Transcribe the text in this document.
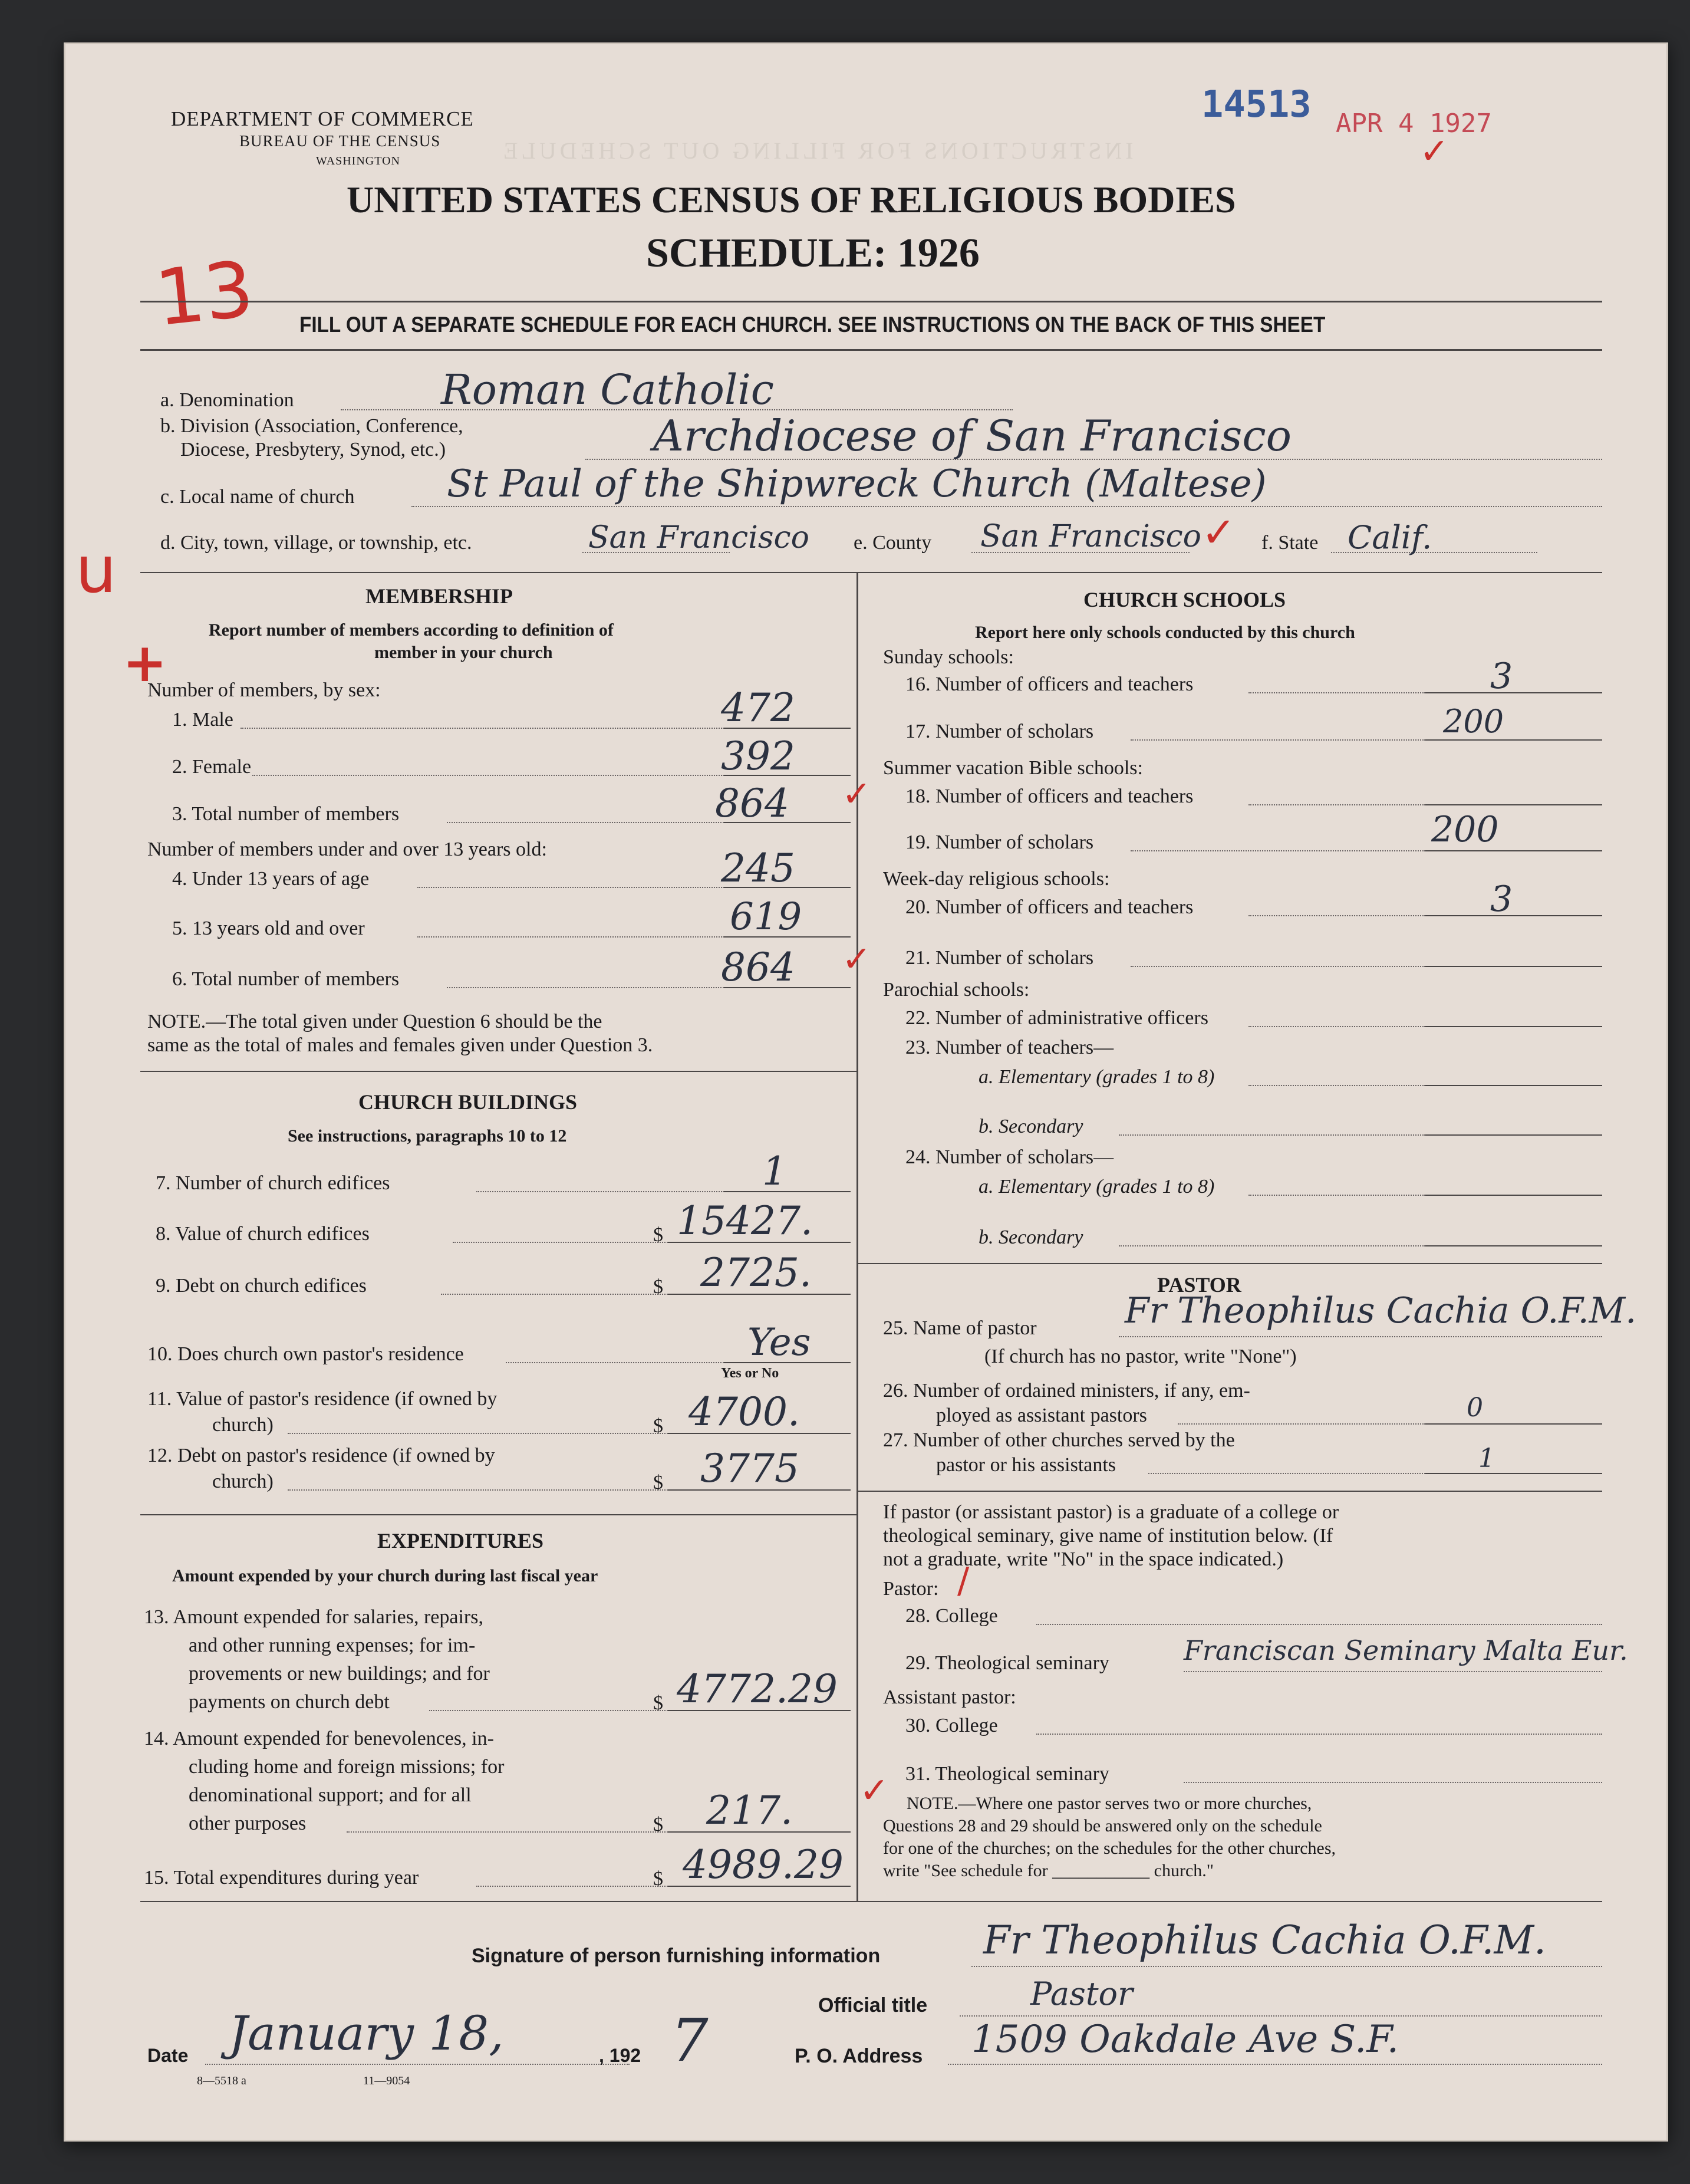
INSTRUCTIONS FOR FILLING OUT SCHEDULE
DEPARTMENT OF COMMERCE
BUREAU OF THE CENSUS
WASHINGTON
UNITED STATES CENSUS OF RELIGIOUS BODIES
SCHEDULE: 1926
14513 APR 4 1927
13
u
+
✓
FILL OUT A SEPARATE SCHEDULE FOR EACH CHURCH. SEE INSTRUCTIONS ON THE BACK OF THIS SHEET
a. Denomination	Roman Catholic
b. Division (Association, Conference,
Diocese, Presbytery, Synod, etc.)	Archdiocese of San Francisco
c. Local name of church St Paul of the Shipwreck Church (Maltese)
d. City, town, village, or township, etc.	San Francisco e. County San Francisco ✓ f. State Calif.
MEMBERSHIP
Report number of members according to definition of
member in your church
Number of members, by sex:
1. Male	472
2. Female	392
3. Total number of members	864 ✓
Number of members under and over 13 years old:
4. Under 13 years of age	245
5. 13 years old and over	619
6. Total number of members	864 ✓
NOTE.—The total given under Question 6 should be the
same as the total of males and females given under Question 3.
CHURCH BUILDINGS
See instructions, paragraphs 10 to 12
7. Number of church edifices	1
8. Value of church edifices	$ 15427.
9. Debt on church edifices	$ 2725.
10. Does church own pastor's residence	Yes
Yes or No
11. Value of pastor's residence (if owned by
church)	$ 4700.
12. Debt on pastor's residence (if owned by
church)	$ 3775
EXPENDITURES
Amount expended by your church during last fiscal year
13. Amount expended for salaries, repairs,
and other running expenses; for im-
provements or new buildings; and for
payments on church debt	$ 4772.29
14. Amount expended for benevolences, in-
cluding home and foreign missions; for
denominational support; and for all
other purposes	$ 217.
15. Total expenditures during year	$ 4989.29
CHURCH SCHOOLS
Report here only schools conducted by this church
Sunday schools:
16. Number of officers and teachers	3
17. Number of scholars	200
Summer vacation Bible schools:
18. Number of officers and teachers
19. Number of scholars	200
Week-day religious schools:
20. Number of officers and teachers	3
21. Number of scholars
Parochial schools:
22. Number of administrative officers
23. Number of teachers—
a. Elementary (grades 1 to 8)
b. Secondary
24. Number of scholars—
a. Elementary (grades 1 to 8)
b. Secondary
PASTOR
25. Name of pastor Fr Theophilus Cachia O.F.M.
(If church has no pastor, write "None")
26. Number of ordained ministers, if any, em-
ployed as assistant pastors	0
27. Number of other churches served by the
pastor or his assistants	1
If pastor (or assistant pastor) is a graduate of a college or
theological seminary, give name of institution below. (If
not a graduate, write "No" in the space indicated.)
Pastor: /
28. College
29. Theological seminary	Franciscan Seminary Malta Eur.
Assistant pastor:
30. College
31. Theological seminary
✓ NOTE.—Where one pastor serves two or more churches,
Questions 28 and 29 should be answered only on the schedule
for one of the churches; on the schedules for the other churches,
write "See schedule for ___________ church."
Signature of person furnishing information	Fr Theophilus Cachia O.F.M.
Official title	Pastor
Date January 18,	, 192 7	P. O. Address 1509 Oakdale Ave S.F.
8—5518 a	11—9054
